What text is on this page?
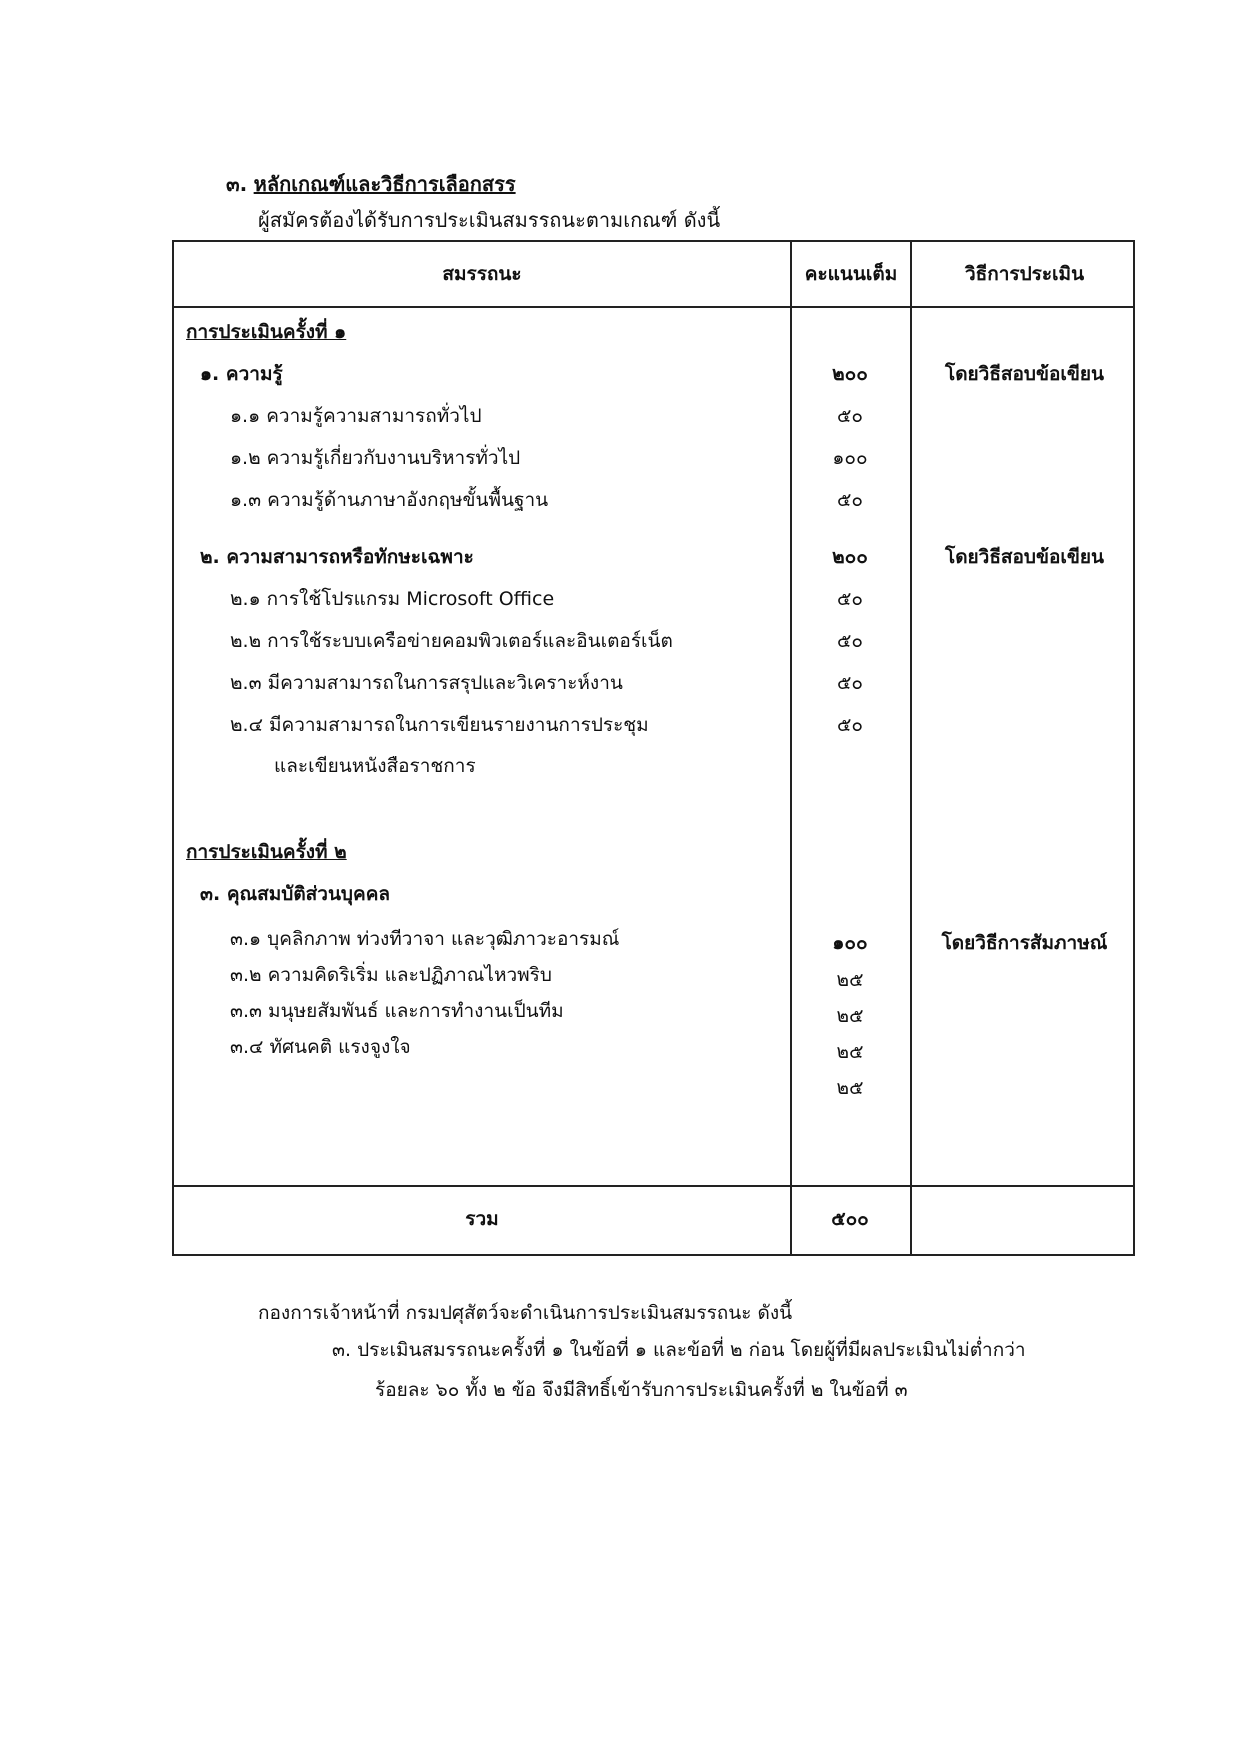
๓. หลักเกณฑ์และวิธีการเลือกสรร
ผู้สมัครต้องได้รับการประเมินสมรรถนะตามเกณฑ์ ดังนี้
สมรรถนะ	คะแนนเต็ม	วิธีการประเมิน
การประเมินครั้งที่ ๑
๑. ความรู้	๒๐๐	โดยวิธีสอบข้อเขียน
๑.๑ ความรู้ความสามารถทั่วไป	๕๐
๑.๒ ความรู้เกี่ยวกับงานบริหารทั่วไป	๑๐๐
๑.๓ ความรู้ด้านภาษาอังกฤษขั้นพื้นฐาน	๕๐
๒. ความสามารถหรือทักษะเฉพาะ	๒๐๐	โดยวิธีสอบข้อเขียน
๒.๑ การใช้โปรแกรม Microsoft Office	๕๐
๒.๒ การใช้ระบบเครือข่ายคอมพิวเตอร์และอินเตอร์เน็ต	๕๐
๒.๓ มีความสามารถในการสรุปและวิเคราะห์งาน	๕๐
๒.๔ มีความสามารถในการเขียนรายงานการประชุม	๕๐
และเขียนหนังสือราชการ
การประเมินครั้งที่ ๒
๓. คุณสมบัติส่วนบุคคล
๓.๑ บุคลิกภาพ ท่วงทีวาจา และวุฒิภาวะอารมณ์	๑๐๐	โดยวิธีการสัมภาษณ์
๓.๒ ความคิดริเริ่ม และปฏิภาณไหวพริบ	๒๕
๓.๓ มนุษยสัมพันธ์ และการทำงานเป็นทีม	๒๕
๓.๔ ทัศนคติ แรงจูงใจ	๒๕
๒๕
รวม	๕๐๐
กองการเจ้าหน้าที่ กรมปศุสัตว์จะดำเนินการประเมินสมรรถนะ ดังนี้
๓. ประเมินสมรรถนะครั้งที่ ๑ ในข้อที่ ๑ และข้อที่ ๒ ก่อน โดยผู้ที่มีผลประเมินไม่ต่ำกว่า
ร้อยละ ๖๐ ทั้ง ๒ ข้อ จึงมีสิทธิ์เข้ารับการประเมินครั้งที่ ๒ ในข้อที่ ๓
